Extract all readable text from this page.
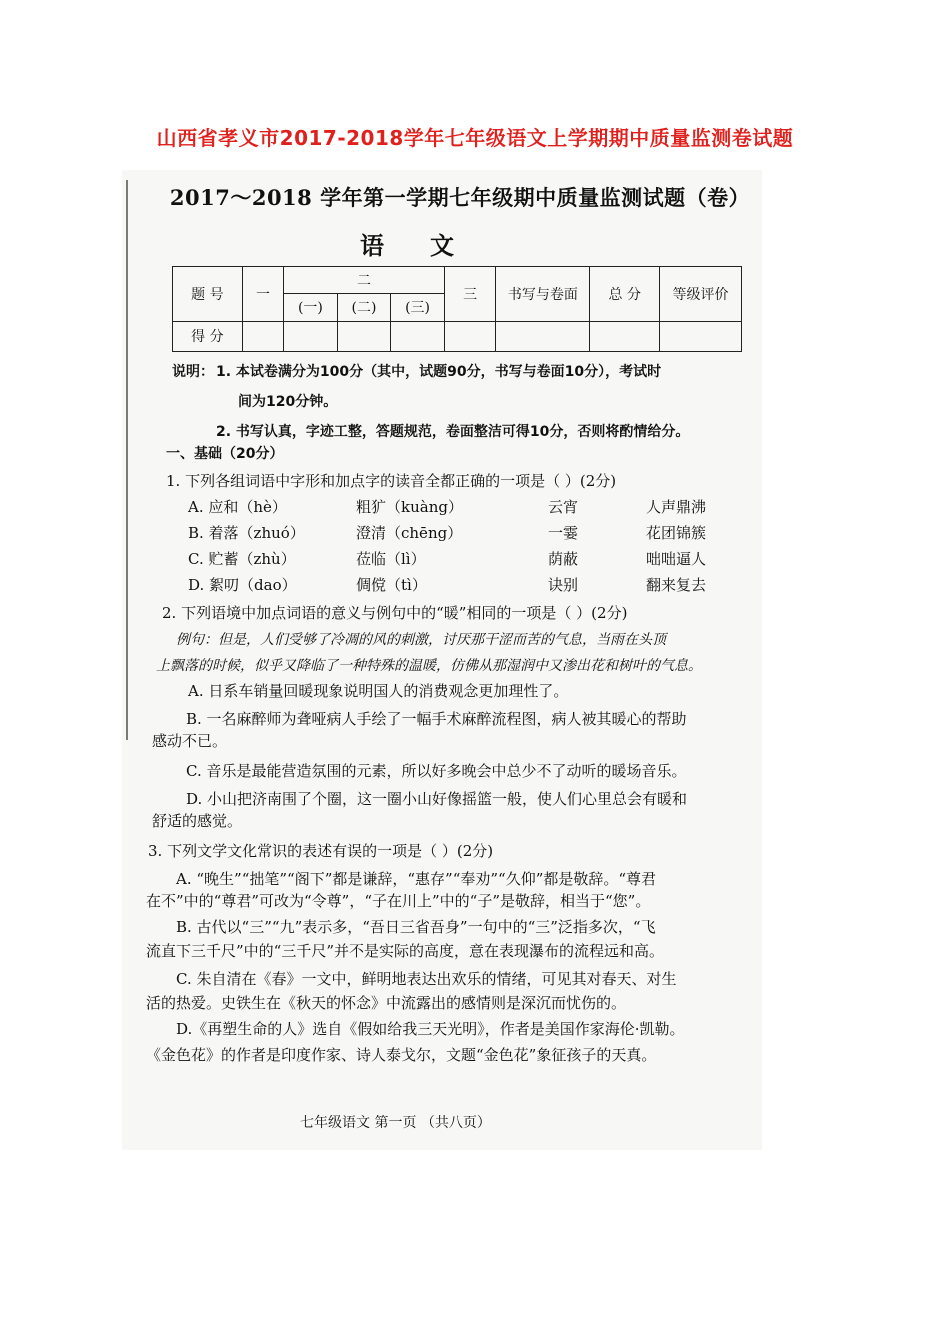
山西省孝义市2017-2018学年七年级语文上学期期中质量监测卷试题
2017～2018 学年第一学期七年级期中质量监测试题（卷）
语文
题 号	一	二			三	书写与卷面	总 分	等级评价
		(一)	(二)	(三)				
得 分								
说明： 1. 本试卷满分为100分（其中，试题90分，书写与卷面10分），考试时
间为120分钟。
2. 书写认真，字迹工整，答题规范，卷面整洁可得10分，否则将酌情给分。
一、基础（20分）
1. 下列各组词语中字形和加点字的读音全都正确的一项是（ ）(2分)
A. 应和（hè）	粗犷（kuàng）	云宵	人声鼎沸
B. 着落（zhuó）	澄清（chēng）	一霎	花团锦簇
C. 贮蓄（zhù）	莅临（lì）	荫蔽	咄咄逼人
D. 絮叨（dao）	倜傥（tì）	诀别	翻来复去
2. 下列语境中加点词语的意义与例句中的“暖”相同的一项是（ ）(2分)
例句：但是，人们受够了冷凋的风的刺激，讨厌那干涩而苦的气息，当雨在头顶
上飘落的时候，似乎又降临了一种特殊的温暖，仿佛从那湿润中又渗出花和树叶的气息。
A. 日系车销量回暖现象说明国人的消费观念更加理性了。
B. 一名麻醉师为聋哑病人手绘了一幅手术麻醉流程图，病人被其暖心的帮助
感动不已。
C. 音乐是最能营造氛围的元素，所以好多晚会中总少不了动听的暖场音乐。
D. 小山把济南围了个圈，这一圈小山好像摇篮一般，使人们心里总会有暖和
舒适的感觉。
3. 下列文学文化常识的表述有误的一项是（ ）(2分)
A. “晚生”“拙笔”“阁下”都是谦辞，“惠存”“奉劝”“久仰”都是敬辞。“尊君
在不”中的“尊君”可改为“令尊”，“子在川上”中的“子”是敬辞，相当于“您”。
B. 古代以“三”“九”表示多，“吾日三省吾身”一句中的“三”泛指多次，“飞
流直下三千尺”中的“三千尺”并不是实际的高度，意在表现瀑布的流程远和高。
C. 朱自清在《春》一文中，鲜明地表达出欢乐的情绪，可见其对春天、对生
活的热爱。史铁生在《秋天的怀念》中流露出的感情则是深沉而忧伤的。
D.《再塑生命的人》选自《假如给我三天光明》，作者是美国作家海伦·凯勒。
《金色花》的作者是印度作家、诗人泰戈尔，文题“金色花”象征孩子的天真。
七年级语文 第一页 （共八页）
